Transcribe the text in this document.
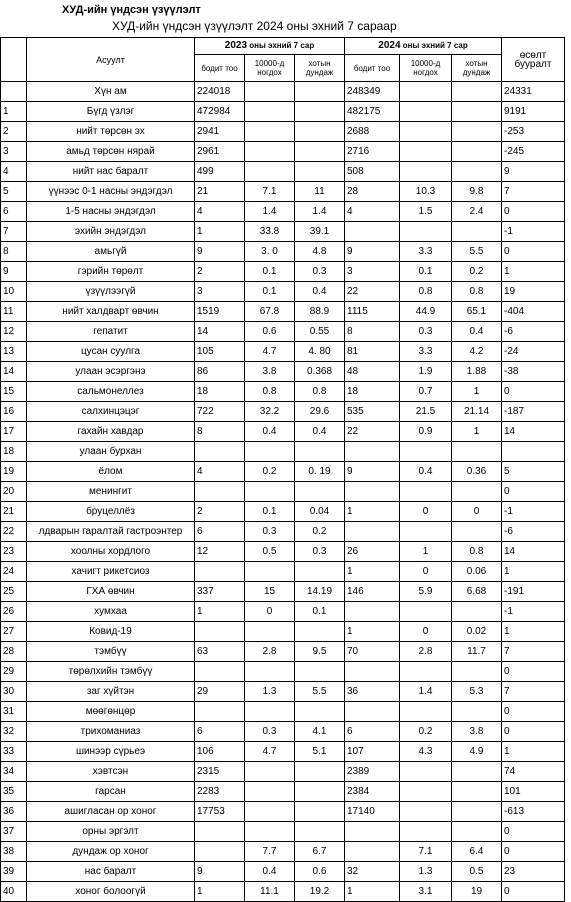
ХУД-ийн үндсэн үзүүлэлт
ХУД-ийн үндсэн үзүүлэлт 2024 оны эхний 7 сараар
	Асуулт	2023 оны эхний 7 сар			2024 оны эхний 7 сар			өсөлт бууралт
		бодит тоо	10000-д ногдох	хотын дундаж	бодит тоо	10000-д ногдох	хотын дундаж	
	Хүн ам	224018			248349			24331
1	Бүгд үзлэг	472984			482175			9191
2	нийт төрсөн эх	2941			2688			-253
3	амьд төрсөн нярай	2961			2716			-245
4	нийт нас баралт	499			508			9
5	үүнээс 0-1 насны эндэгдэл	21	7.1	11	28	10.3	9.8	7
6	1-5 насны эндэгдэл	4	1.4	1.4	4	1.5	2.4	0
7	эхийн эндэгдэл	1	33.8	39.1				-1
8	амьгүй	9	3. 0	4.8	9	3.3	5.5	0
9	гэрийн төрөлт	2	0.1	0.3	3	0.1	0.2	1
10	үзүүлээгүй	3	0.1	0.4	22	0.8	0.8	19
11	нийт халдварт өвчин	1519	67.8	88.9	1115	44.9	65.1	-404
12	гепатит	14	0.6	0.55	8	0.3	0.4	-6
13	цусан суулга	105	4.7	4. 80	81	3.3	4.2	-24
14	улаан эсэргэнэ	86	3.8	0.368	48	1.9	1.88	-38
15	сальмонеллез	18	0.8	0.8	18	0.7	1	0
16	салхинцэцэг	722	32.2	29.6	535	21.5	21.14	-187
17	гахайн хавдар	8	0.4	0.4	22	0.9	1	14
18	улаан бурхан							
19	ёлом	4	0.2	0. 19	9	0.4	0.36	5
20	менингит							0
21	бруцеллёз	2	0.1	0.04	1	0	0	-1
22	лдварын гаралтай гастроэнтер	6	0.3	0.2				-6
23	хоолны хордлого	12	0.5	0.3	26	1	0.8	14
24	хачигт рикетсиоз				1	0	0.06	1
25	ГХА өвчин	337	15	14.19	146	5.9	6.68	-191
26	хумхаа	1	0	0.1				-1
27	Ковид-19				1	0	0.02	1
28	тэмбүү	63	2.8	9.5	70	2.8	11.7	7
29	төрөлхийн тэмбүү							0
30	заг хүйтэн	29	1.3	5.5	36	1.4	5.3	7
31	мөөгөнцөр							0
32	трихоманиаз	6	0.3	4.1	6	0.2	3.8	0
33	шинээр сүрьеэ	106	4.7	5.1	107	4.3	4.9	1
34	хэвтсэн	2315			2389			74
35	гарсан	2283			2384			101
36	ашигласан ор хоног	17753			17140			-613
37	орны эргэлт							0
38	дундаж ор хоног		7.7	6.7		7.1	6.4	0
39	нас баралт	9	0.4	0.6	32	1.3	0.5	23
40	хоног болоогүй	1	11.1	19.2	1	3.1	19	0
